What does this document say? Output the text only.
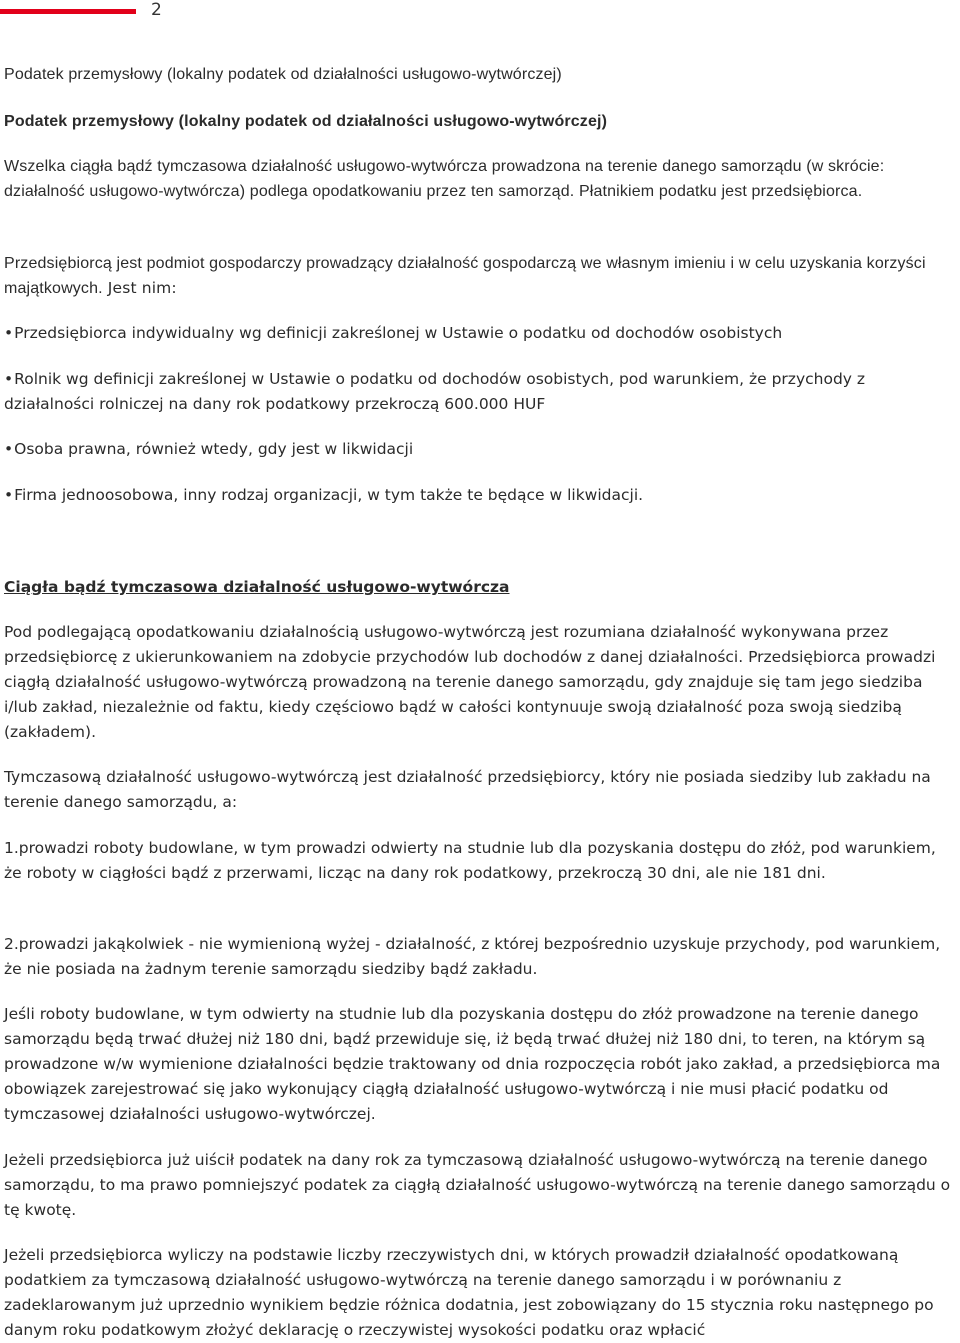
2

Podatek przemysłowy (lokalny podatek od działalności usługowo-wytwórczej)

Podatek przemysłowy (lokalny podatek od działalności usługowo-wytwórczej)

Wszelka ciągła bądź tymczasowa działalność usługowo-wytwórcza prowadzona na terenie danego samorządu (w skrócie: działalność usługowo-wytwórcza) podlega opodatkowaniu przez ten samorząd. Płatnikiem podatku jest przedsiębiorca.

Przedsiębiorcą jest podmiot gospodarczy prowadzący działalność gospodarczą we własnym imieniu i w celu uzyskania korzyści majątkowych. Jest nim:

• Przedsiębiorca indywidualny wg definicji zakreślonej w Ustawie o podatku od dochodów osobistych

• Rolnik wg definicji zakreślonej w Ustawie o podatku od dochodów osobistych, pod warunkiem, że przychody z działalności rolniczej na dany rok podatkowy przekroczą 600.000 HUF

• Osoba prawna, również wtedy, gdy jest w likwidacji

• Firma jednoosobowa, inny rodzaj organizacji, w tym także te będące w likwidacji.

Ciągła bądź tymczasowa działalność usługowo-wytwórcza

Pod podlegającą opodatkowaniu działalnością usługowo-wytwórczą jest rozumiana działalność wykonywana przez przedsiębiorcę z ukierunkowaniem na zdobycie przychodów lub dochodów z danej działalności. Przedsiębiorca prowadzi ciągłą działalność usługowo-wytwórczą prowadzoną na terenie danego samorządu, gdy znajduje się tam jego siedziba i/lub zakład, niezależnie od faktu, kiedy częściowo bądź w całości kontynuuje swoją działalność poza swoją siedzibą (zakładem).

Tymczasową działalność usługowo-wytwórczą jest działalność przedsiębiorcy, który nie posiada siedziby lub zakładu na terenie danego samorządu, a:

1.prowadzi roboty budowlane, w tym prowadzi odwierty na studnie lub dla pozyskania dostępu do złóż, pod warunkiem, że roboty w ciągłości bądź z przerwami, licząc na dany rok podatkowy, przekroczą 30 dni, ale nie 181 dni.

2.prowadzi jakąkolwiek - nie wymienioną wyżej - działalność, z której bezpośrednio uzyskuje przychody, pod warunkiem, że nie posiada na żadnym terenie samorządu siedziby bądź zakładu.

Jeśli roboty budowlane, w tym odwierty na studnie lub dla pozyskania dostępu do złóż prowadzone na terenie danego samorządu będą trwać dłużej niż 180 dni, bądź przewiduje się, iż będą trwać dłużej niż 180 dni, to teren, na którym są prowadzone w/w wymienione działalności będzie traktowany od dnia rozpoczęcia robót jako zakład, a przedsiębiorca ma obowiązek zarejestrować się jako wykonujący ciągłą działalność usługowo-wytwórczą i nie musi płacić podatku od tymczasowej działalności usługowo-wytwórczej.

Jeżeli przedsiębiorca już uiścił podatek na dany rok za tymczasową działalność usługowo-wytwórczą na terenie danego samorządu, to ma prawo pomniejszyć podatek za ciągłą działalność usługowo-wytwórczą na terenie danego samorządu o tę kwotę.

Jeżeli przedsiębiorca wyliczy na podstawie liczby rzeczywistych dni, w których prowadził działalność opodatkowaną podatkiem za tymczasową działalność usługowo-wytwórczą na terenie danego samorządu i w porównaniu z zadeklarowanym już uprzednio wynikiem będzie różnica dodatnia, jest zobowiązany do 15 stycznia roku następnego po danym roku podatkowym złożyć deklarację o rzeczywistej wysokości podatku oraz wpłacić
